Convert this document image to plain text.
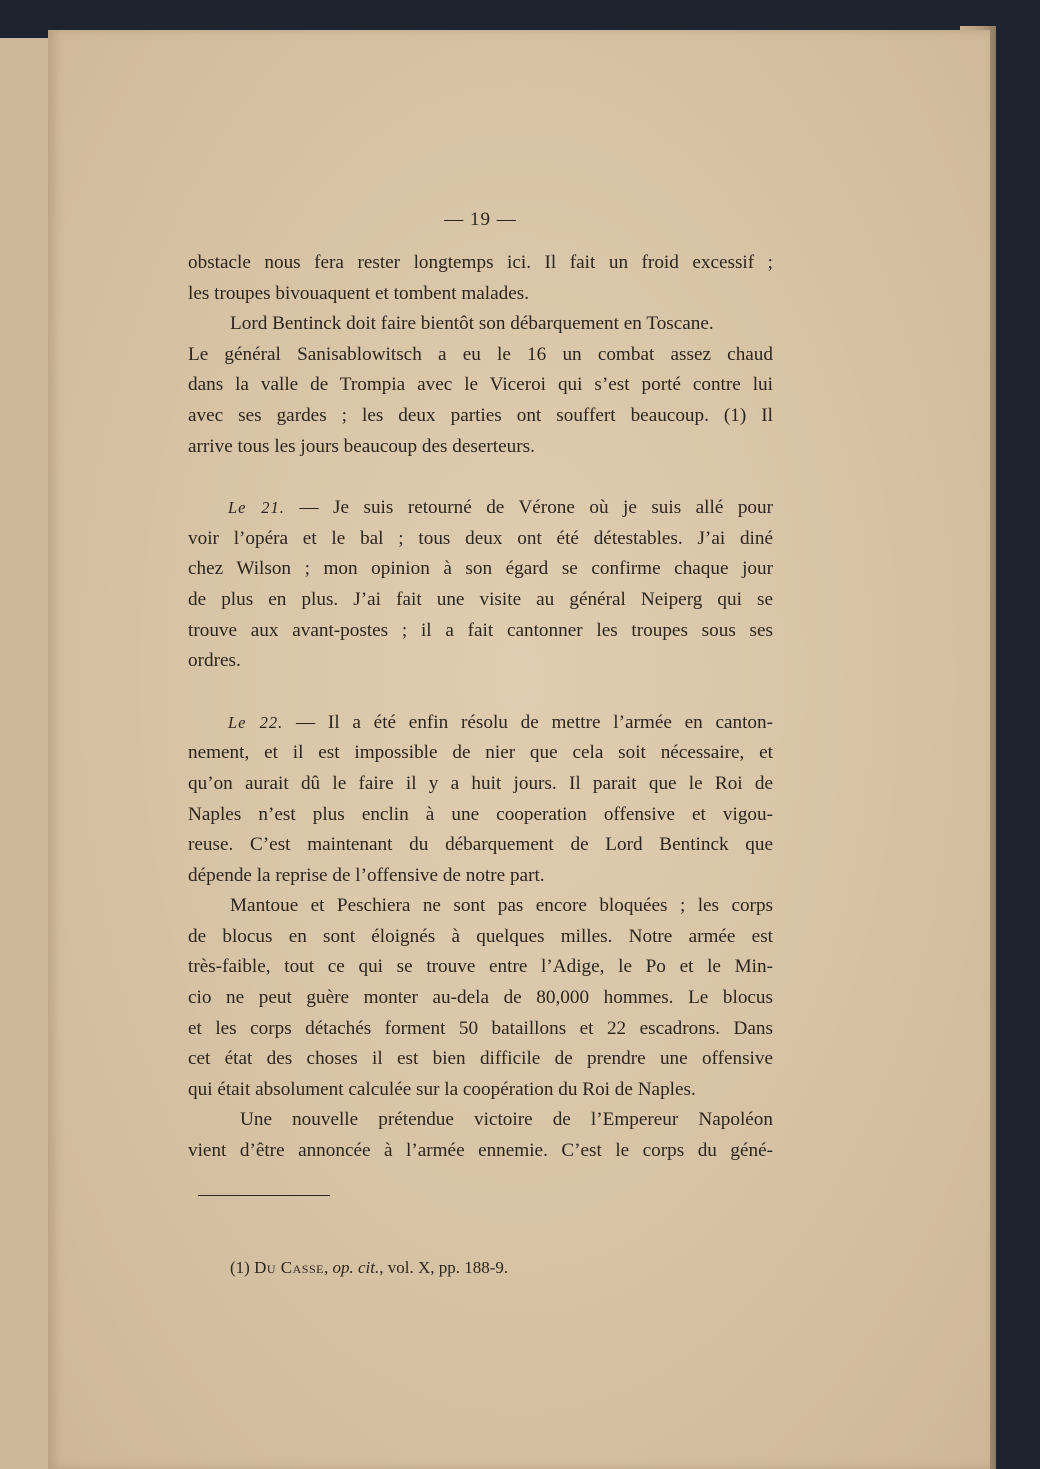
— 19 —

obstacle nous fera rester longtemps ici. Il fait un froid excessif ;
les troupes bivouaquent et tombent malades.

Lord Bentinck doit faire bientôt son débarquement en Toscane.
Le général Sanisablowitsch a eu le 16 un combat assez chaud
dans la valle de Trompia avec le Viceroi qui s’est porté contre lui
avec ses gardes ; les deux parties ont souffert beaucoup. (1) Il
arrive tous les jours beaucoup des deserteurs.

Le 21. — Je suis retourné de Vérone où je suis allé pour
voir l’opéra et le bal ; tous deux ont été détestables. J’ai diné
chez Wilson ; mon opinion à son égard se confirme chaque jour
de plus en plus. J’ai fait une visite au général Neiperg qui se
trouve aux avant-postes ; il a fait cantonner les troupes sous ses
ordres.

Le 22. — Il a été enfin résolu de mettre l’armée en canton-
nement, et il est impossible de nier que cela soit nécessaire, et
qu’on aurait dû le faire il y a huit jours. Il parait que le Roi de
Naples n’est plus enclin à une cooperation offensive et vigou-
reuse. C’est maintenant du débarquement de Lord Bentinck que
dépende la reprise de l’offensive de notre part.

Mantoue et Peschiera ne sont pas encore bloquées ; les corps
de blocus en sont éloignés à quelques milles. Notre armée est
très-faible, tout ce qui se trouve entre l’Adige, le Po et le Min-
cio ne peut guère monter au-dela de 80,000 hommes. Le blocus
et les corps détachés forment 50 bataillons et 22 escadrons. Dans
cet état des choses il est bien difficile de prendre une offensive
qui était absolument calculée sur la coopération du Roi de Naples.

Une nouvelle prétendue victoire de l’Empereur Napoléon
vient d’être annoncée à l’armée ennemie. C’est le corps du géné-

(1) Du Casse, op. cit., vol. X, pp. 188-9.
